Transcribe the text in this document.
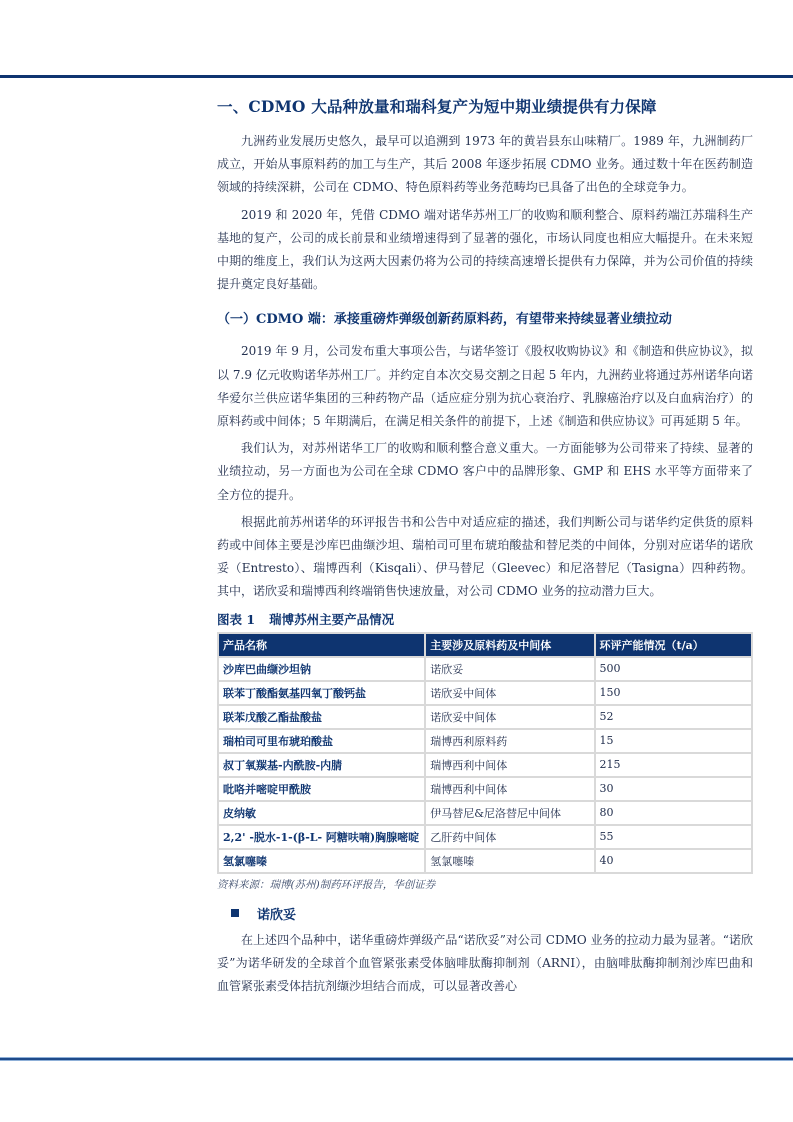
一、CDMO 大品种放量和瑞科复产为短中期业绩提供有力保障

九洲药业发展历史悠久，最早可以追溯到 1973 年的黄岩县东山味精厂。1989 年，九洲制药厂成立，开始从事原料药的加工与生产，其后 2008 年逐步拓展 CDMO 业务。通过数十年在医药制造领域的持续深耕，公司在 CDMO、特色原料药等业务范畴均已具备了出色的全球竞争力。

2019 和 2020 年，凭借 CDMO 端对诺华苏州工厂的收购和顺利整合、原料药端江苏瑞科生产基地的复产，公司的成长前景和业绩增速得到了显著的强化，市场认同度也相应大幅提升。在未来短中期的维度上，我们认为这两大因素仍将为公司的持续高速增长提供有力保障，并为公司价值的持续提升奠定良好基础。

（一）CDMO 端：承接重磅炸弹级创新药原料药，有望带来持续显著业绩拉动

2019 年 9 月，公司发布重大事项公告，与诺华签订《股权收购协议》和《制造和供应协议》，拟以 7.9 亿元收购诺华苏州工厂。并约定自本次交易交割之日起 5 年内，九洲药业将通过苏州诺华向诺华爱尔兰供应诺华集团的三种药物产品（适应症分别为抗心衰治疗、乳腺癌治疗以及白血病治疗）的原料药或中间体；5 年期满后，在满足相关条件的前提下，上述《制造和供应协议》可再延期 5 年。

我们认为，对苏州诺华工厂的收购和顺利整合意义重大。一方面能够为公司带来了持续、显著的业绩拉动，另一方面也为公司在全球 CDMO 客户中的品牌形象、GMP 和 EHS 水平等方面带来了全方位的提升。

根据此前苏州诺华的环评报告书和公告中对适应症的描述，我们判断公司与诺华约定供货的原料药或中间体主要是沙库巴曲缬沙坦、瑞柏司可里布琥珀酸盐和替尼类的中间体，分别对应诺华的诺欣妥（Entresto）、瑞博西利（Kisqali）、伊马替尼（Gleevec）和尼洛替尼（Tasigna）四种药物。其中，诺欣妥和瑞博西利终端销售快速放量，对公司 CDMO 业务的拉动潜力巨大。

图表 1 瑞博苏州主要产品情况
产品名称	主要涉及原料药及中间体	环评产能情况（t/a）
沙库巴曲缬沙坦钠	诺欣妥	500
联苯丁酸酯氨基四氧丁酸钙盐	诺欣妥中间体	150
联苯戊酸乙酯盐酸盐	诺欣妥中间体	52
瑞柏司可里布琥珀酸盐	瑞博西利原料药	15
叔丁氧羰基-内酰胺-内腈	瑞博西利中间体	215
吡咯并嘧啶甲酰胺	瑞博西利中间体	30
皮纳敏	伊马替尼&尼洛替尼中间体	80
2,2' -脱水-1-(β-L- 阿糖呋喃)胸腺嘧啶	乙肝药中间体	55
氢氯噻嗪	氢氯噻嗪	40
资料来源：瑞博(苏州)制药环评报告，华创证券
诺欣妥

在上述四个品种中，诺华重磅炸弹级产品“诺欣妥”对公司 CDMO 业务的拉动力最为显著。“诺欣妥”为诺华研发的全球首个血管紧张素受体脑啡肽酶抑制剂（ARNI），由脑啡肽酶抑制剂沙库巴曲和血管紧张素受体拮抗剂缬沙坦结合而成，可以显著改善心
